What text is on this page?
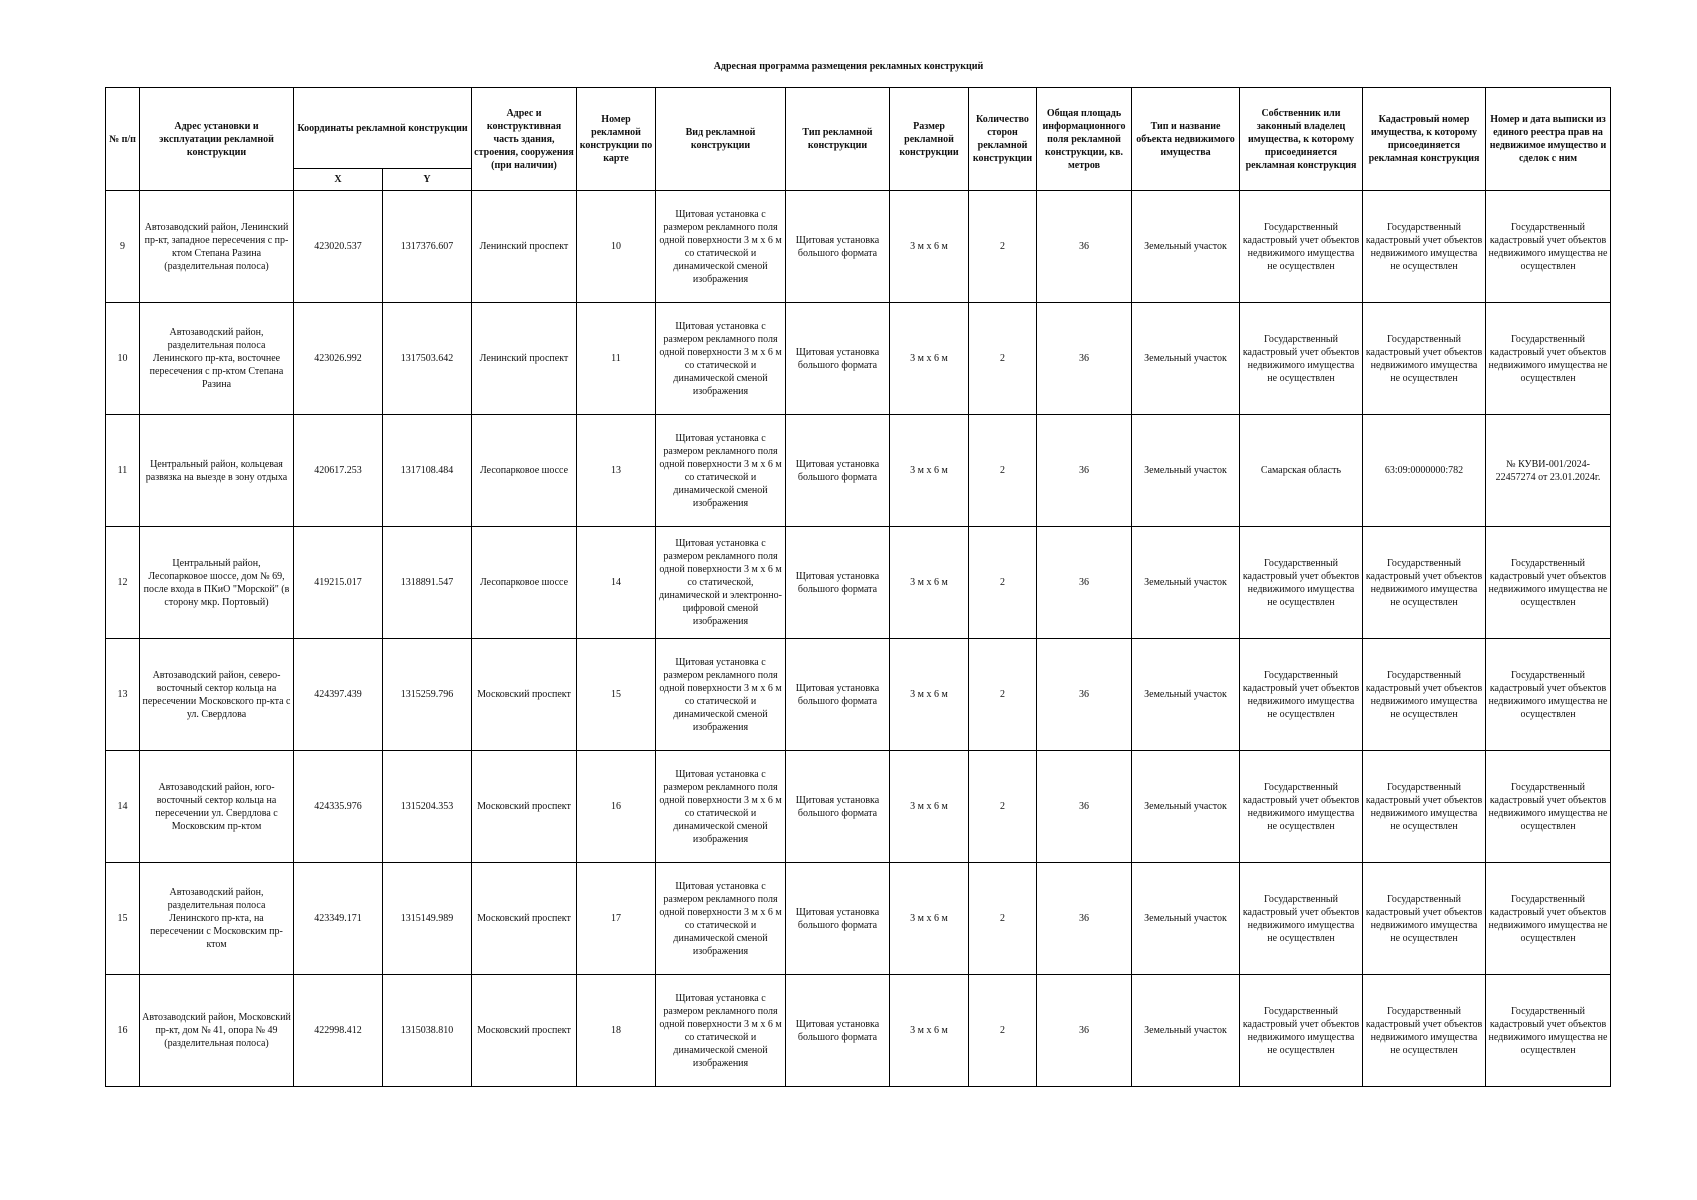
Адресная программа размещения рекламных конструкций
№ п/п	Адрес установки и эксплуатации рекламной конструкции	Координаты рекламной конструкции		Адрес и конструктивная часть здания, строения, сооружения (при наличии)	Номер рекламной конструкции по карте	Вид рекламной конструкции	Тип рекламной конструкции	Размер рекламной конструкции	Количество сторон рекламной конструкции	Общая площадь информационного поля рекламной конструкции, кв. метров	Тип и название объекта недвижимого имущества	Собственник или законный владелец имущества, к которому присоединяется рекламная конструкция	Кадастровый номер имущества, к которому присоединяется рекламная конструкция	Номер и дата выписки из единого реестра прав на недвижимое имущество и сделок с ним
		X	Y											
9	Автозаводский район, Ленинский пр-кт, западное пересечения с пр-ктом Степана Разина (разделительная полоса)	423020.537	1317376.607	Ленинский проспект	10	Щитовая установка с размером рекламного поля одной поверхности 3 м х 6 м со статической и динамической сменой изображения	Щитовая установка большого формата	3 м х 6 м	2	36	Земельный участок	Государственный кадастровый учет объектов недвижимого имущества не осуществлен	Государственный кадастровый учет объектов недвижимого имущества не осуществлен	Государственный кадастровый учет объектов недвижимого имущества не осуществлен
10	Автозаводский район, разделительная полоса Ленинского пр-кта, восточнее пересечения с пр-ктом Степана Разина	423026.992	1317503.642	Ленинский проспект	11	Щитовая установка с размером рекламного поля одной поверхности 3 м х 6 м со статической и динамической сменой изображения	Щитовая установка большого формата	3 м х 6 м	2	36	Земельный участок	Государственный кадастровый учет объектов недвижимого имущества не осуществлен	Государственный кадастровый учет объектов недвижимого имущества не осуществлен	Государственный кадастровый учет объектов недвижимого имущества не осуществлен
11	Центральный район, кольцевая развязка на выезде в зону отдыха	420617.253	1317108.484	Лесопарковое шоссе	13	Щитовая установка с размером рекламного поля одной поверхности 3 м х 6 м со статической и динамической сменой изображения	Щитовая установка большого формата	3 м х 6 м	2	36	Земельный участок	Самарская область	63:09:0000000:782	№ КУВИ-001/2024-22457274 от 23.01.2024г.
12	Центральный район, Лесопарковое шоссе, дом № 69, после входа в ПКиО "Морской" (в сторону мкр. Портовый)	419215.017	1318891.547	Лесопарковое шоссе	14	Щитовая установка с размером рекламного поля одной поверхности 3 м х 6 м со статической, динамической и электронно-цифровой сменой изображения	Щитовая установка большого формата	3 м х 6 м	2	36	Земельный участок	Государственный кадастровый учет объектов недвижимого имущества не осуществлен	Государственный кадастровый учет объектов недвижимого имущества не осуществлен	Государственный кадастровый учет объектов недвижимого имущества не осуществлен
13	Автозаводский район, северо-восточный сектор кольца на пересечении Московского пр-кта с ул. Свердлова	424397.439	1315259.796	Московский проспект	15	Щитовая установка с размером рекламного поля одной поверхности 3 м х 6 м со статической и динамической сменой изображения	Щитовая установка большого формата	3 м х 6 м	2	36	Земельный участок	Государственный кадастровый учет объектов недвижимого имущества не осуществлен	Государственный кадастровый учет объектов недвижимого имущества не осуществлен	Государственный кадастровый учет объектов недвижимого имущества не осуществлен
14	Автозаводский район, юго-восточный сектор кольца на пересечении ул. Свердлова с Московским пр-ктом	424335.976	1315204.353	Московский проспект	16	Щитовая установка с размером рекламного поля одной поверхности 3 м х 6 м со статической и динамической сменой изображения	Щитовая установка большого формата	3 м х 6 м	2	36	Земельный участок	Государственный кадастровый учет объектов недвижимого имущества не осуществлен	Государственный кадастровый учет объектов недвижимого имущества не осуществлен	Государственный кадастровый учет объектов недвижимого имущества не осуществлен
15	Автозаводский район, разделительная полоса Ленинского пр-кта, на пересечении с Московским пр-ктом	423349.171	1315149.989	Московский проспект	17	Щитовая установка с размером рекламного поля одной поверхности 3 м х 6 м со статической и динамической сменой изображения	Щитовая установка большого формата	3 м х 6 м	2	36	Земельный участок	Государственный кадастровый учет объектов недвижимого имущества не осуществлен	Государственный кадастровый учет объектов недвижимого имущества не осуществлен	Государственный кадастровый учет объектов недвижимого имущества не осуществлен
16	Автозаводский район, Московский пр-кт, дом № 41, опора № 49 (разделительная полоса)	422998.412	1315038.810	Московский проспект	18	Щитовая установка с размером рекламного поля одной поверхности 3 м х 6 м со статической и динамической сменой изображения	Щитовая установка большого формата	3 м х 6 м	2	36	Земельный участок	Государственный кадастровый учет объектов недвижимого имущества не осуществлен	Государственный кадастровый учет объектов недвижимого имущества не осуществлен	Государственный кадастровый учет объектов недвижимого имущества не осуществлен
